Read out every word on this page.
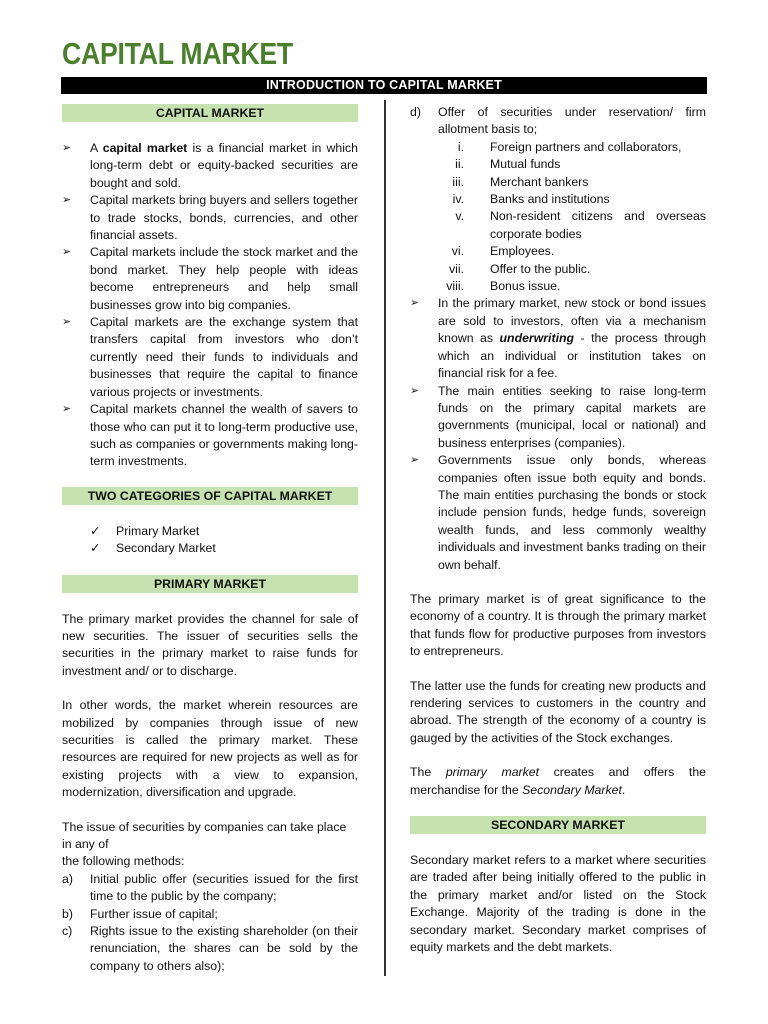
CAPITAL MARKET
INTRODUCTION TO CAPITAL MARKET
CAPITAL MARKET
➢	A capital market is a financial market in which long-term debt or equity-backed securities are bought and sold.
➢	Capital markets bring buyers and sellers together to trade stocks, bonds, currencies, and other financial assets.
➢	Capital markets include the stock market and the bond market. They help people with ideas become entrepreneurs and help small businesses grow into big companies.
➢	Capital markets are the exchange system that transfers capital from investors who don’t currently need their funds to individuals and businesses that require the capital to finance various projects or investments.
➢	Capital markets channel the wealth of savers to those who can put it to long-term productive use, such as companies or governments making long-term investments.
TWO CATEGORIES OF CAPITAL MARKET
✓	Primary Market
✓	Secondary Market
PRIMARY MARKET

The primary market provides the channel for sale of new securities. The issuer of securities sells the securities in the primary market to raise funds for investment and/ or to discharge.

In other words, the market wherein resources are mobilized by companies through issue of new securities is called the primary market. These resources are required for new projects as well as for existing projects with a view to expansion, modernization, diversification and upgrade.

The issue of securities by companies can take place in any of
the following methods:

a)	Initial public offer (securities issued for the first time to the public by the company;
b)	Further issue of capital;
c)	Rights issue to the existing shareholder (on their renunciation, the shares can be sold by the company to others also);
d)	Offer of securities under reservation/ firm allotment basis to;
i.	Foreign partners and collaborators,
ii.	Mutual funds
iii.	Merchant bankers
iv.	Banks and institutions
v.	Non-resident citizens and overseas corporate bodies
vi.	Employees.
vii.	Offer to the public.
viii.	Bonus issue.
➢	In the primary market, new stock or bond issues are sold to investors, often via a mechanism known as underwriting - the process through which an individual or institution takes on financial risk for a fee.
➢	The main entities seeking to raise long-term funds on the primary capital markets are governments (municipal, local or national) and business enterprises (companies).
➢	Governments issue only bonds, whereas companies often issue both equity and bonds. The main entities purchasing the bonds or stock include pension funds, hedge funds, sovereign wealth funds, and less commonly wealthy individuals and investment banks trading on their own behalf.

The primary market is of great significance to the economy of a country. It is through the primary market that funds flow for productive purposes from investors to entrepreneurs.

The latter use the funds for creating new products and rendering services to customers in the country and abroad. The strength of the economy of a country is gauged by the activities of the Stock exchanges.

The primary market creates and offers the merchandise for the Secondary Market.

SECONDARY MARKET

Secondary market refers to a market where securities are traded after being initially offered to the public in the primary market and/or listed on the Stock Exchange. Majority of the trading is done in the secondary market. Secondary market comprises of equity markets and the debt markets.
